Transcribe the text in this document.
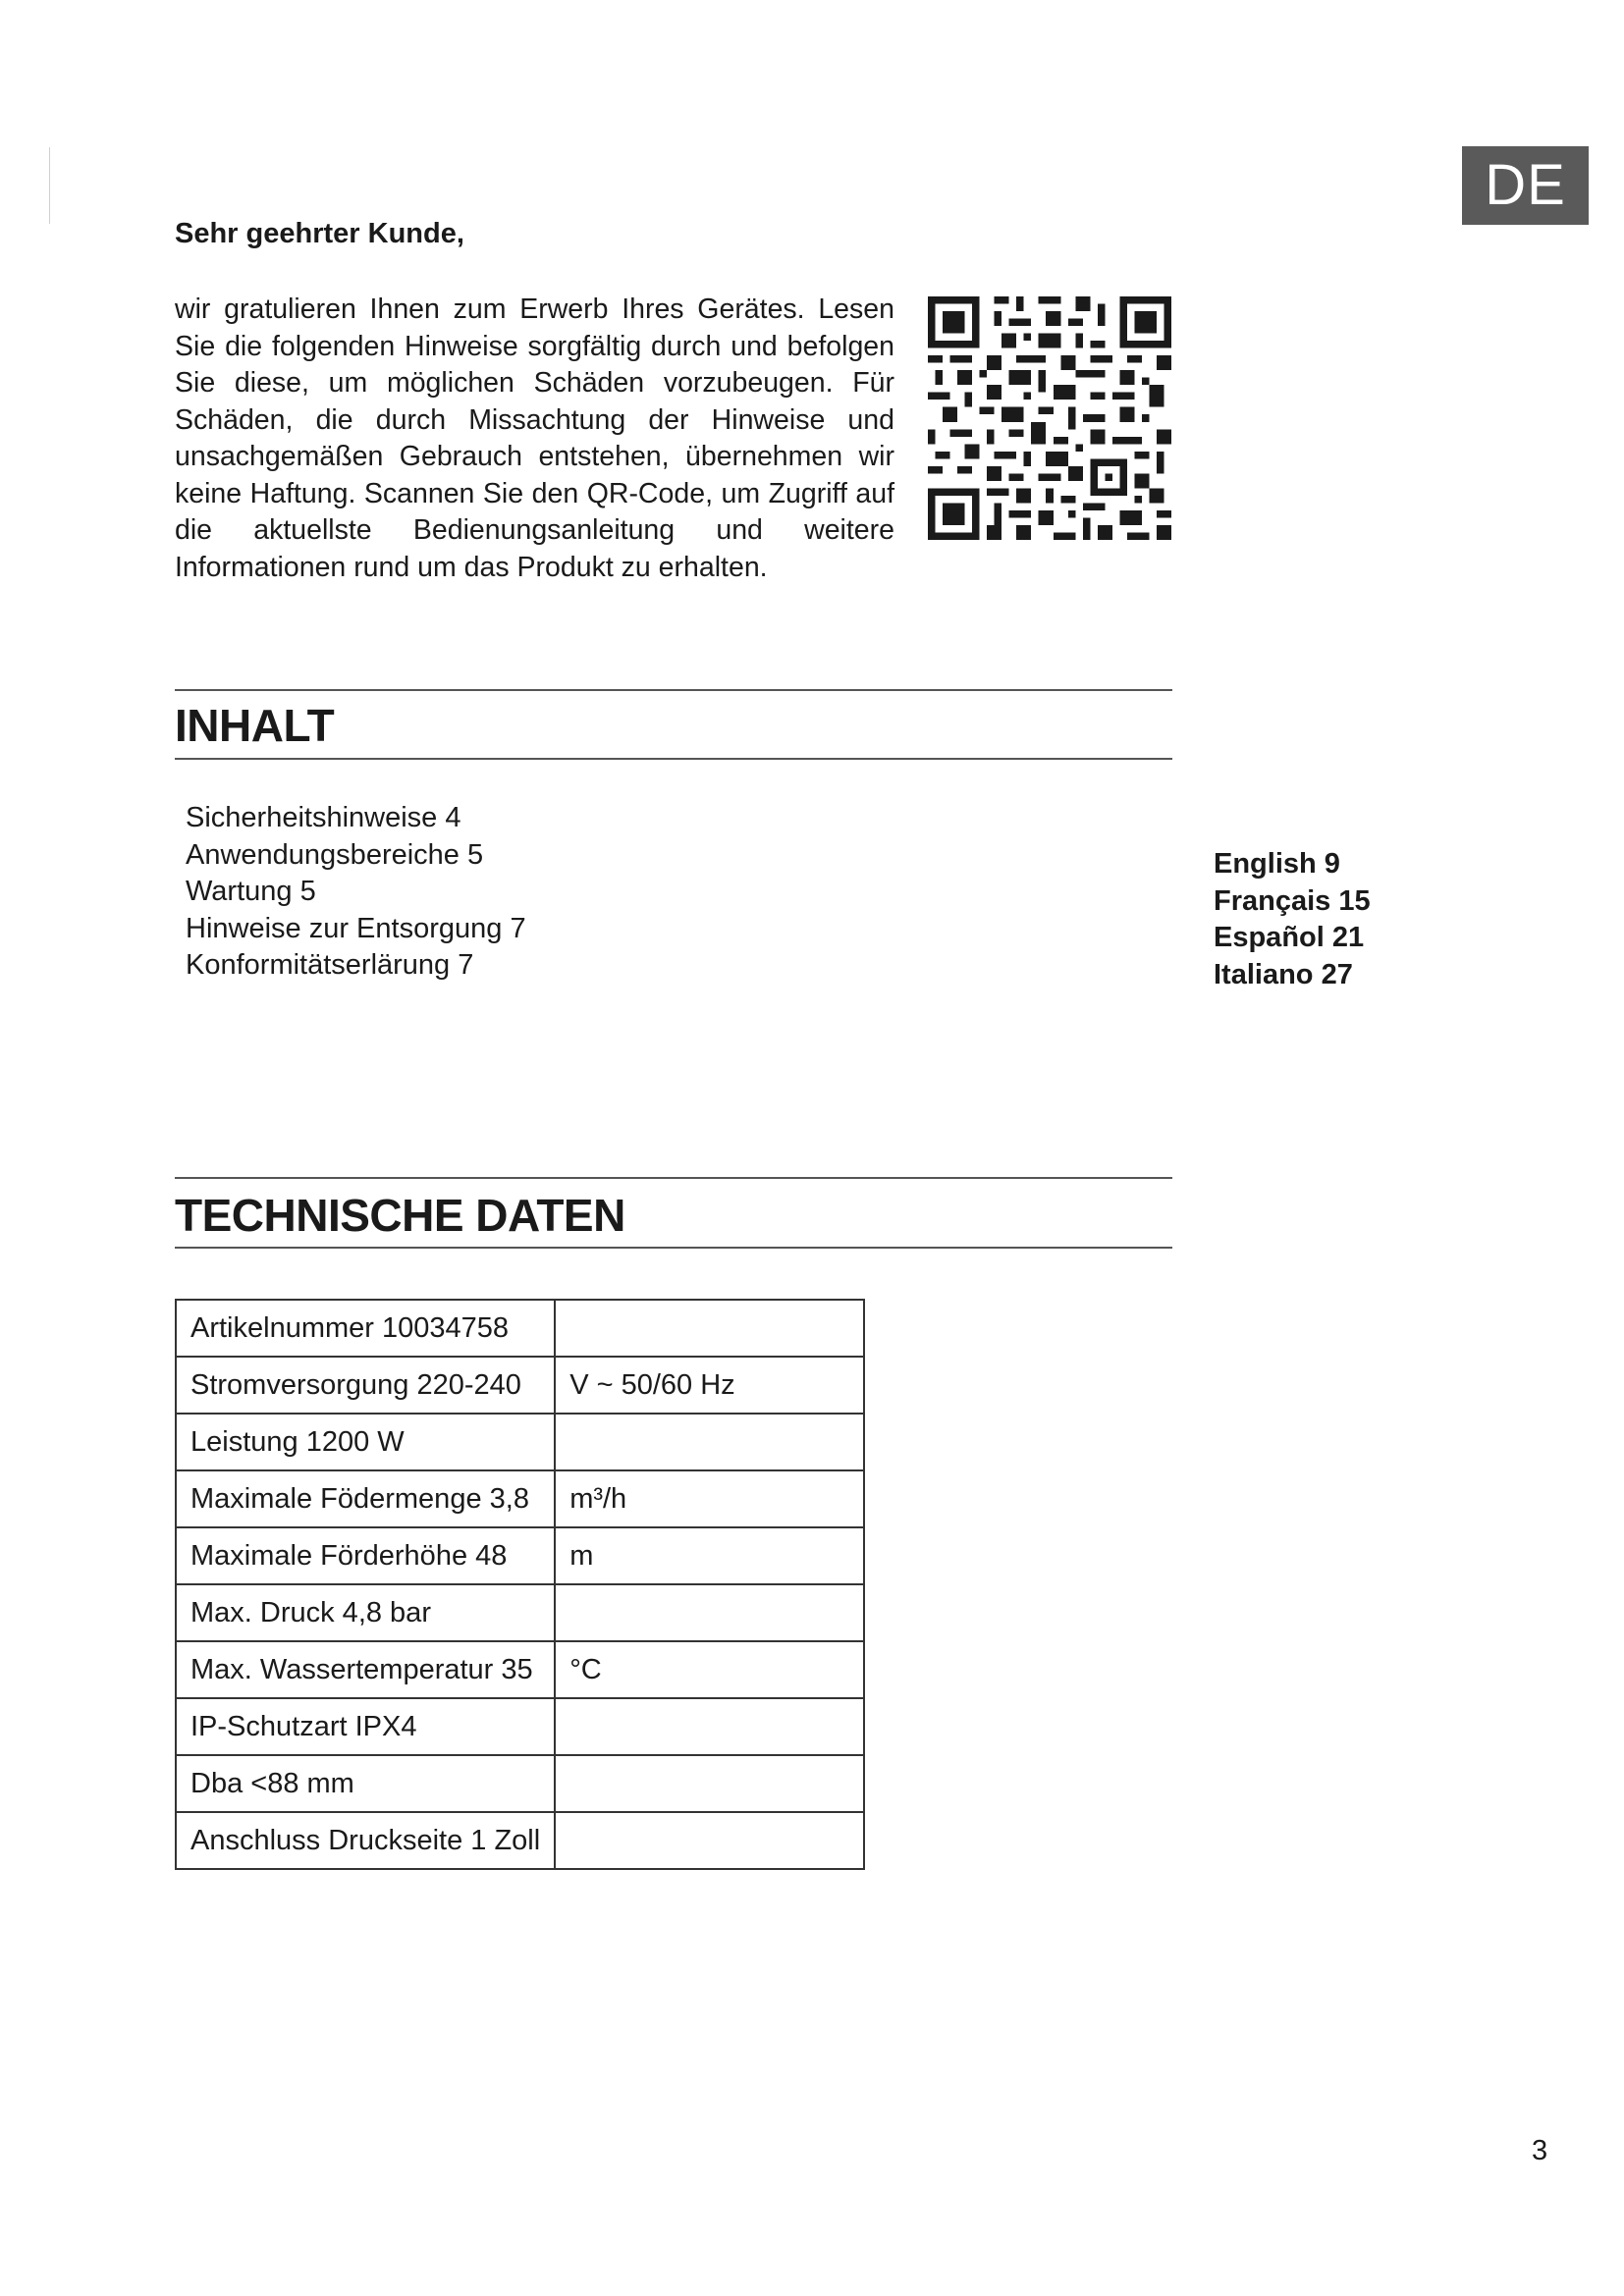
DE
Sehr geehrter Kunde,
wir gratulieren Ihnen zum Erwerb Ihres Gerätes. Lesen Sie die folgenden Hinweise sorgfältig durch und befolgen Sie diese, um möglichen Schäden vorzubeugen. Für Schäden, die durch Missachtung der Hinweise und unsachgemäßen Gebrauch entstehen, übernehmen wir keine Haftung. Scannen Sie den QR-Code, um Zugriff auf die aktuellste Bedienungsanleitung und weitere Informationen rund um das Produkt zu erhalten.
INHALT
Sicherheitshinweise 4
Anwendungsbereiche 5
Wartung 5
Hinweise zur Entsorgung 7
Konformitätserlärung 7
English 9
Français 15
Español 21
Italiano 27
TECHNISCHE DATEN
Artikelnummer 10034758	
Stromversorgung 220-240	V ~ 50/60 Hz
Leistung 1200 W	
Maximale Födermenge 3,8	m³/h
Maximale Förderhöhe 48	m
Max. Druck 4,8 bar	
Max. Wassertemperatur 35	°C
IP-Schutzart IPX4	
Dba <88 mm	
Anschluss Druckseite 1 Zoll	
3
